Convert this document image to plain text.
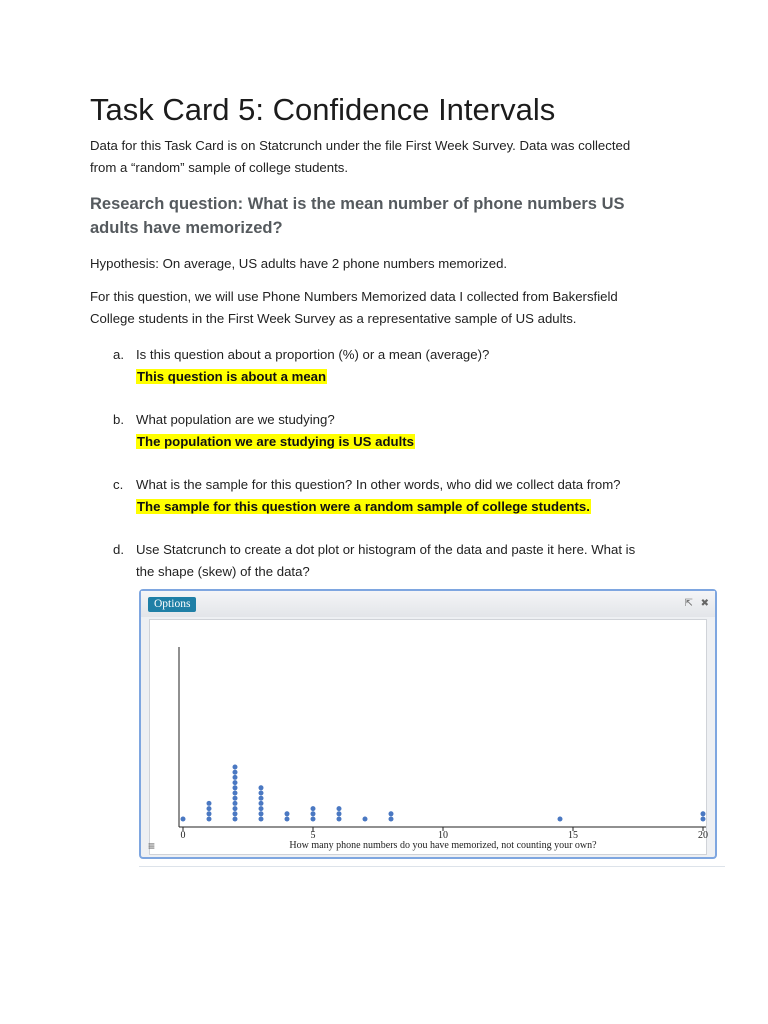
Task Card 5: Confidence Intervals

Data for this Task Card is on Statcrunch under the file First Week Survey. Data was collected
from a “random” sample of college students.

Research question: What is the mean number of phone numbers US
adults have memorized?

Hypothesis: On average, US adults have 2 phone numbers memorized.

For this question, we will use Phone Numbers Memorized data I collected from Bakersfield
College students in the First Week Survey as a representative sample of US adults.

a. Is this question about a proportion (%) or a mean (average)?
This question is about a mean
b. What population are we studying?
The population we are studying is US adults
c. What is the sample for this question? In other words, who did we collect data from?
The sample for this question were a random sample of college students.
d. Use Statcrunch to create a dot plot or histogram of the data and paste it here. What is
the shape (skew) of the data?
Options	⇱ ✖
0	5	10	15	20
How many phone numbers do you have memorized, not counting your own?
≡
